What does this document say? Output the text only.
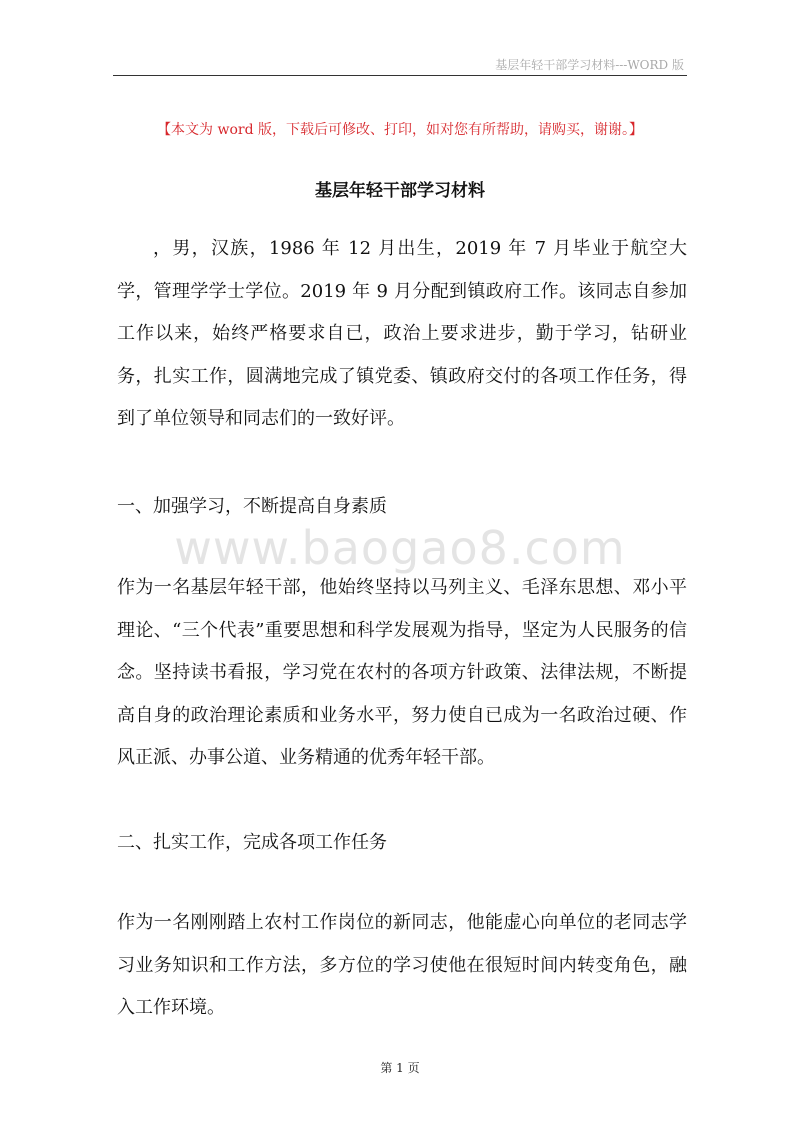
基层年轻干部学习材料---WORD 版
【本文为 word 版，下载后可修改、打印，如对您有所帮助，请购买，谢谢。】
基层年轻干部学习材料

，男，汉族，1986 年 12 月出生，2019 年 7 月毕业于航空大学，管理学学士学位。2019 年 9 月分配到镇政府工作。该同志自参加工作以来，始终严格要求自已，政治上要求进步，勤于学习，钻研业务，扎实工作，圆满地完成了镇党委、镇政府交付的各项工作任务，得到了单位领导和同志们的一致好评。

一、加强学习，不断提高自身素质

www.baogao8.com

作为一名基层年轻干部，他始终坚持以马列主义、毛泽东思想、邓小平理论、“三个代表”重要思想和科学发展观为指导，坚定为人民服务的信念。坚持读书看报，学习党在农村的各项方针政策、法律法规，不断提高自身的政治理论素质和业务水平，努力使自已成为一名政治过硬、作风正派、办事公道、业务精通的优秀年轻干部。

二、扎实工作，完成各项工作任务

作为一名刚刚踏上农村工作岗位的新同志，他能虚心向单位的老同志学习业务知识和工作方法，多方位的学习使他在很短时间内转变角色，融入工作环境。

第 1 页
